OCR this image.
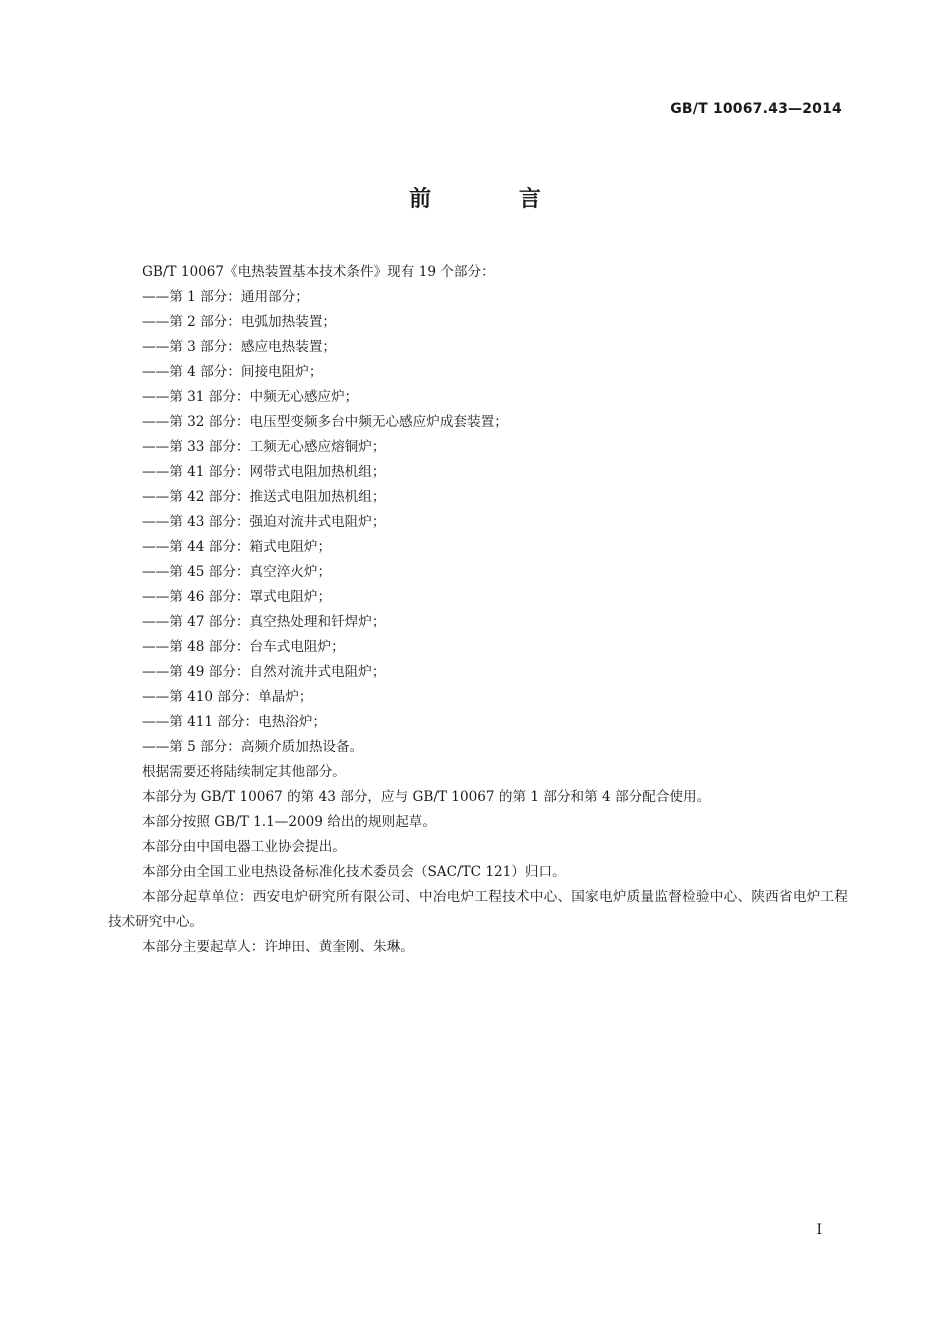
GB/T 10067.43—2014
前 言

GB/T 10067《电热装置基本技术条件》现有 19 个部分：

——第 1 部分：通用部分；

——第 2 部分：电弧加热装置；

——第 3 部分：感应电热装置；

——第 4 部分：间接电阻炉；

——第 31 部分：中频无心感应炉；

——第 32 部分：电压型变频多台中频无心感应炉成套装置；

——第 33 部分：工频无心感应熔铜炉；

——第 41 部分：网带式电阻加热机组；

——第 42 部分：推送式电阻加热机组；

——第 43 部分：强迫对流井式电阻炉；

——第 44 部分：箱式电阻炉；

——第 45 部分：真空淬火炉；

——第 46 部分：罩式电阻炉；

——第 47 部分：真空热处理和钎焊炉；

——第 48 部分：台车式电阻炉；

——第 49 部分：自然对流井式电阻炉；

——第 410 部分：单晶炉；

——第 411 部分：电热浴炉；

——第 5 部分：高频介质加热设备。

根据需要还将陆续制定其他部分。

本部分为 GB/T 10067 的第 43 部分，应与 GB/T 10067 的第 1 部分和第 4 部分配合使用。

本部分按照 GB/T 1.1—2009 给出的规则起草。

本部分由中国电器工业协会提出。

本部分由全国工业电热设备标准化技术委员会（SAC/TC 121）归口。

本部分起草单位：西安电炉研究所有限公司、中冶电炉工程技术中心、国家电炉质量监督检验中心、陕西省电炉工程技术研究中心。

本部分主要起草人：许坤田、黄奎刚、朱琳。

I
